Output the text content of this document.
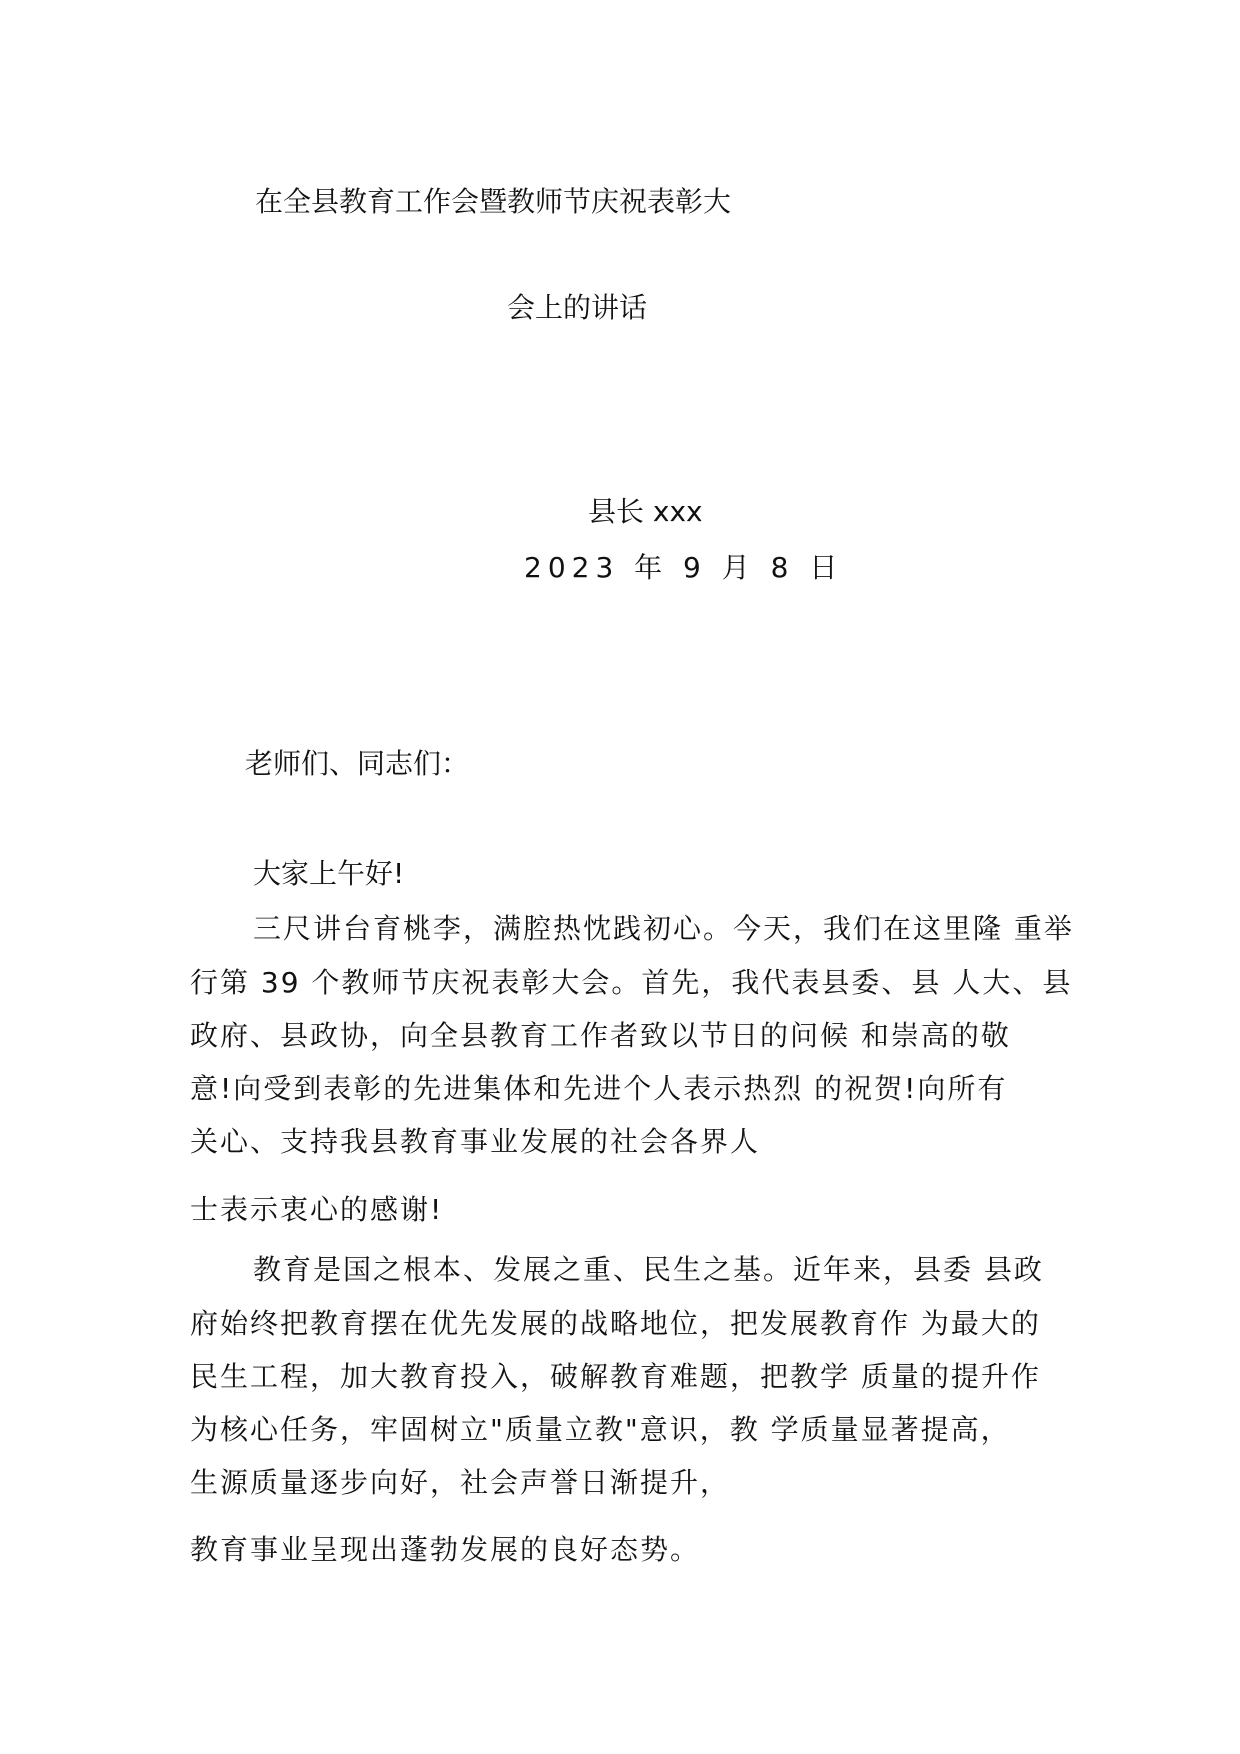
在全县教育工作会暨教师节庆祝表彰大
会上的讲话

县长 xxx

2023 年 9 月 8 日

老师们、同志们：

大家上午好!

三尺讲台育桃李，满腔热忱践初心。今天，我们在这里隆 重举

行第 39 个教师节庆祝表彰大会。首先，我代表县委、县 人大、县

政府、县政协，向全县教育工作者致以节日的问候 和崇高的敬

意!向受到表彰的先进集体和先进个人表示热烈 的祝贺!向所有

关心、支持我县教育事业发展的社会各界人

士表示衷心的感谢!

教育是国之根本、发展之重、民生之基。近年来，县委 县政

府始终把教育摆在优先发展的战略地位，把发展教育作 为最大的

民生工程，加大教育投入，破解教育难题，把教学 质量的提升作

为核心任务，牢固树立"质量立教"意识，教 学质量显著提高，

生源质量逐步向好，社会声誉日渐提升，

教育事业呈现出蓬勃发展的良好态势。
